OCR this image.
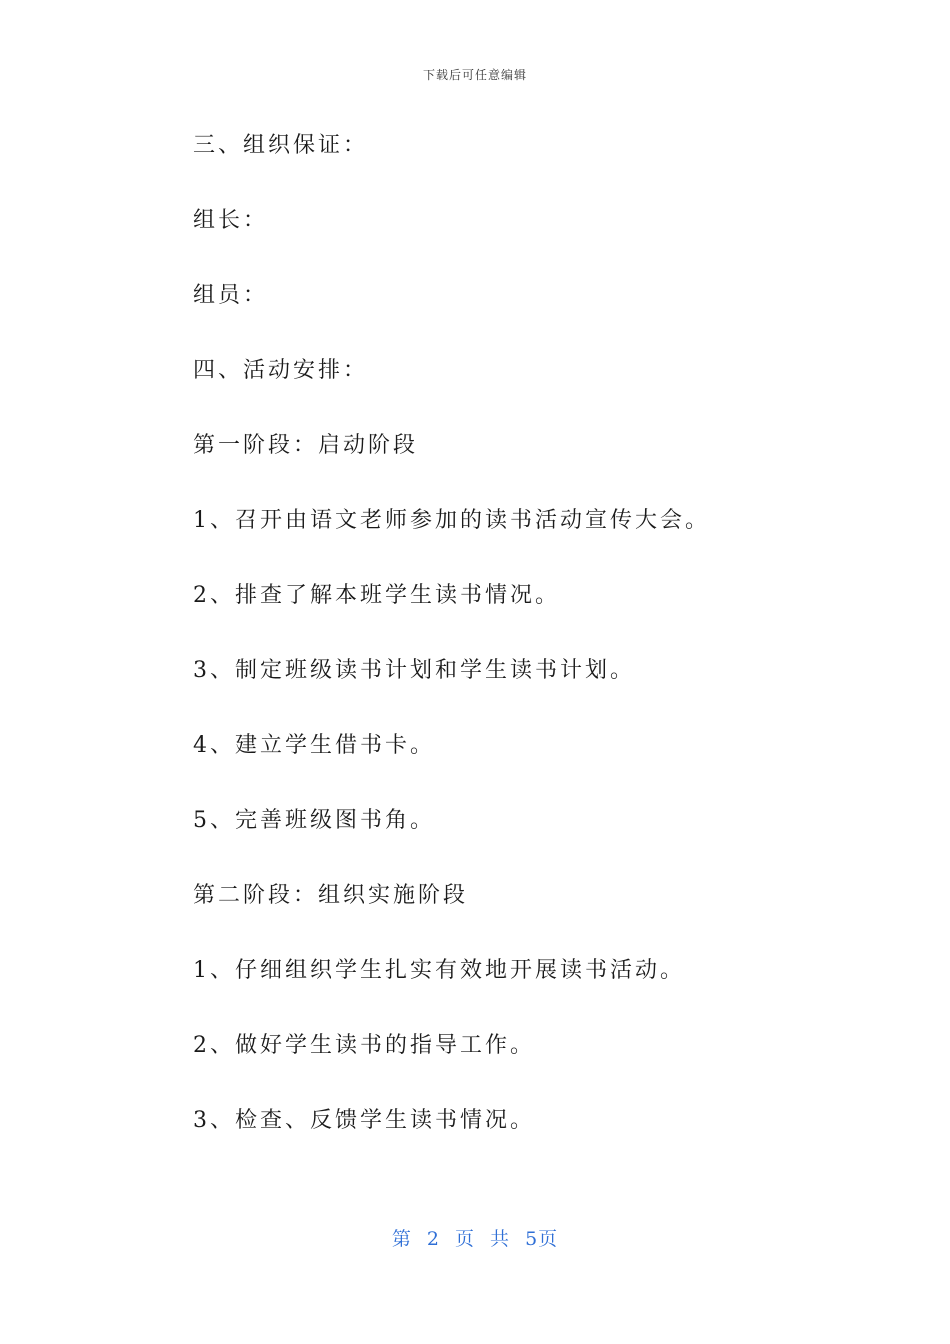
下载后可任意编辑
三、组织保证：
组长：
组员：
四、活动安排：
第一阶段：启动阶段
1、召开由语文老师参加的读书活动宣传大会。
2、排查了解本班学生读书情况。
3、制定班级读书计划和学生读书计划。
4、建立学生借书卡。
5、完善班级图书角。
第二阶段：组织实施阶段
1、仔细组织学生扎实有效地开展读书活动。
2、做好学生读书的指导工作。
3、检查、反馈学生读书情况。
第 2 页 共 5页
